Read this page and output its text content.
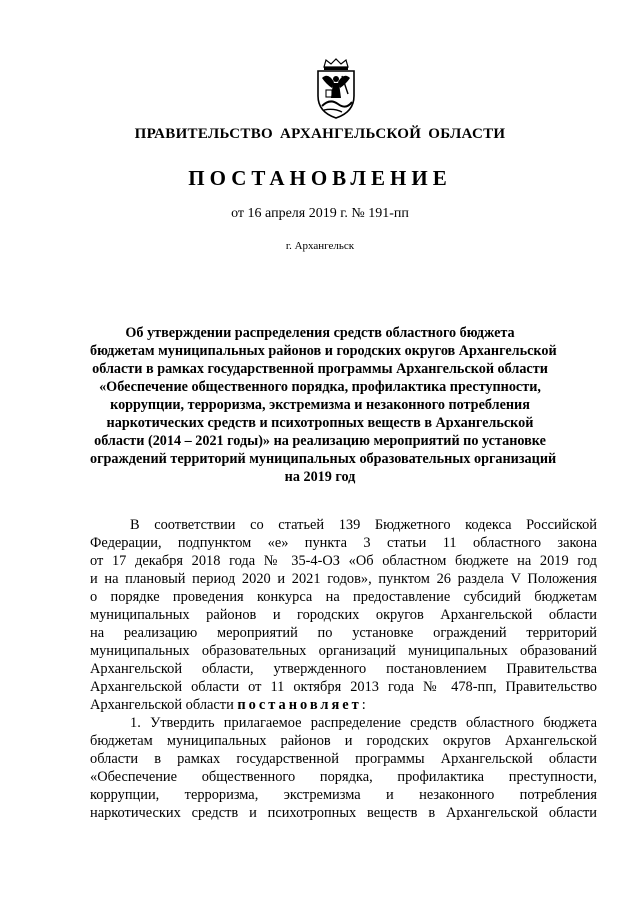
ПРАВИТЕЛЬСТВО АРХАНГЕЛЬСКОЙ ОБЛАСТИ
ПОСТАНОВЛЕНИЕ
от 16 апреля 2019 г. № 191-пп
г. Архангельск
Об утверждении распределения средств областного бюджета
бюджетам муниципальных районов и городских округов Архангельской
области в рамках государственной программы Архангельской области
«Обеспечение общественного порядка, профилактика преступности,
коррупции, терроризма, экстремизма и незаконного потребления
наркотических средств и психотропных веществ в Архангельской
области (2014 – 2021 годы)» на реализацию мероприятий по установке
ограждений территорий муниципальных образовательных организаций
на 2019 год
В соответствии со статьей 139 Бюджетного кодекса Российской
Федерации, подпунктом «е» пункта 3 статьи 11 областного закона
от 17 декабря 2018 года № 35-4-ОЗ «Об областном бюджете на 2019 год
и на плановый период 2020 и 2021 годов», пунктом 26 раздела V Положения
о порядке проведения конкурса на предоставление субсидий бюджетам
муниципальных районов и городских округов Архангельской области
на реализацию мероприятий по установке ограждений территорий
муниципальных образовательных организаций муниципальных образований
Архангельской области, утвержденного постановлением Правительства
Архангельской области от 11 октября 2013 года № 478-пп, Правительство
Архангельской области постановляет:
1. Утвердить прилагаемое распределение средств областного бюджета
бюджетам муниципальных районов и городских округов Архангельской
области в рамках государственной программы Архангельской области
«Обеспечение общественного порядка, профилактика преступности,
коррупции, терроризма, экстремизма и незаконного потребления
наркотических средств и психотропных веществ в Архангельской области
